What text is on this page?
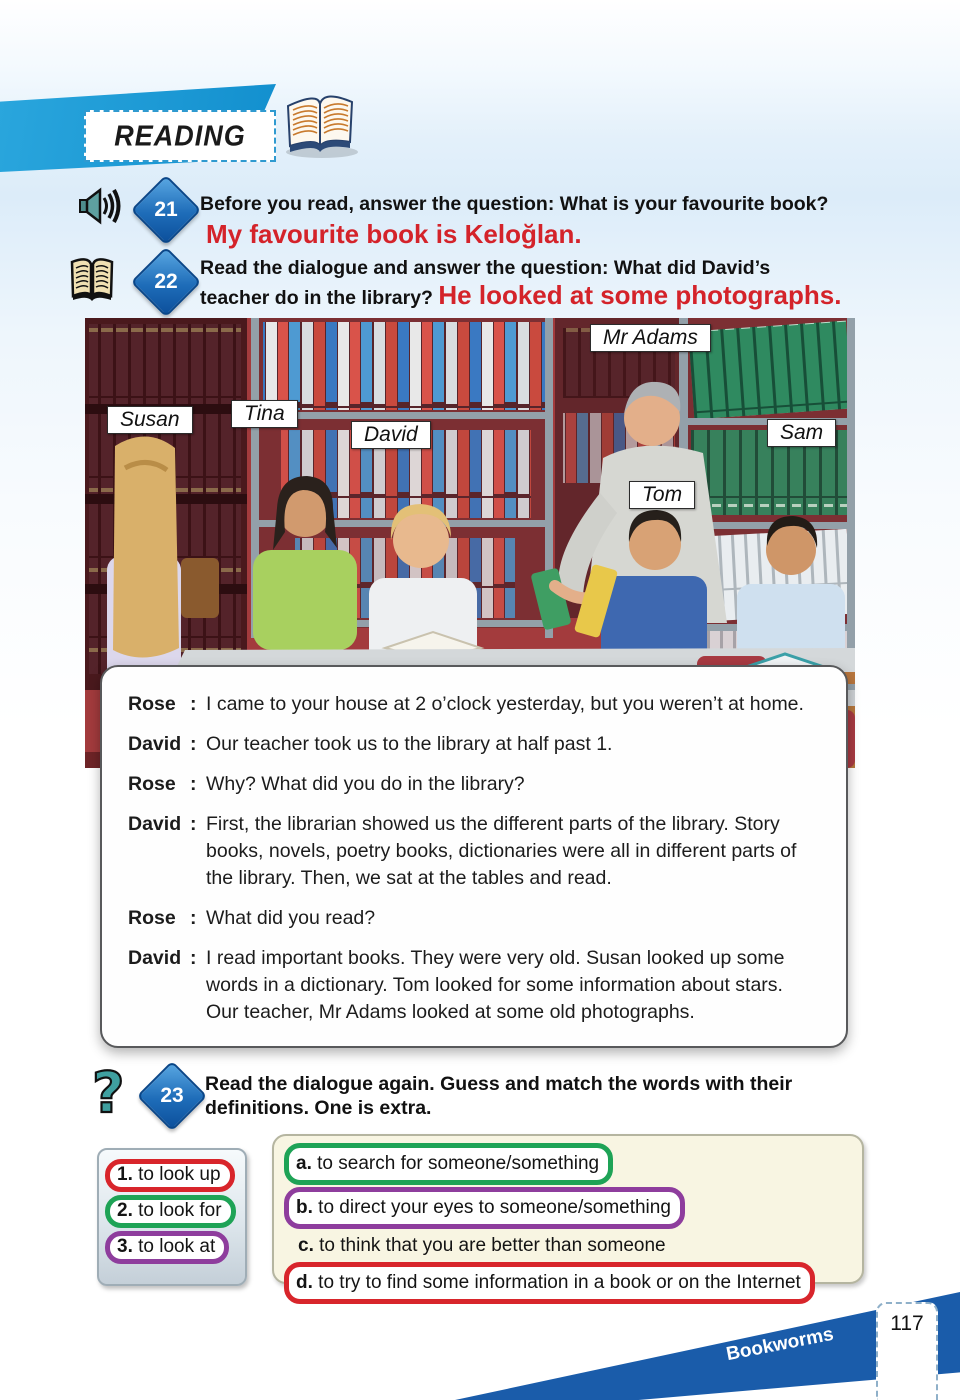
READING
21	Before you read, answer the question: What is your favourite book?
My favourite book is Keloğlan.
22
Read the dialogue and answer the question: What did David’s
teacher do in the library? He looked at some photographs.
Susan	Tina
David
Mr Adams
Tom
Sam
Rose : I came to your house at 2 o’clock yesterday, but you weren’t at home.
David : Our teacher took us to the library at half past 1.
Rose : Why? What did you do in the library?
David : First, the librarian showed us the different parts of the library. Story books, novels, poetry books, dictionaries were all in different parts of the library. Then, we sat at the tables and read.
Rose : What did you read?
David : I read important books. They were very old. Susan looked up some words in a dictionary. Tom looked for some information about stars. Our teacher, Mr Adams looked at some old photographs.
?	23	Read the dialogue again. Guess and match the words with their
definitions. One is extra.
1. to look up
2. to look for
3. to look at
a. to search for someone/something
b. to direct your eyes to someone/something
c. to think that you are better than someone
d. to try to find some information in a book or on the Internet
Bookworms
117
